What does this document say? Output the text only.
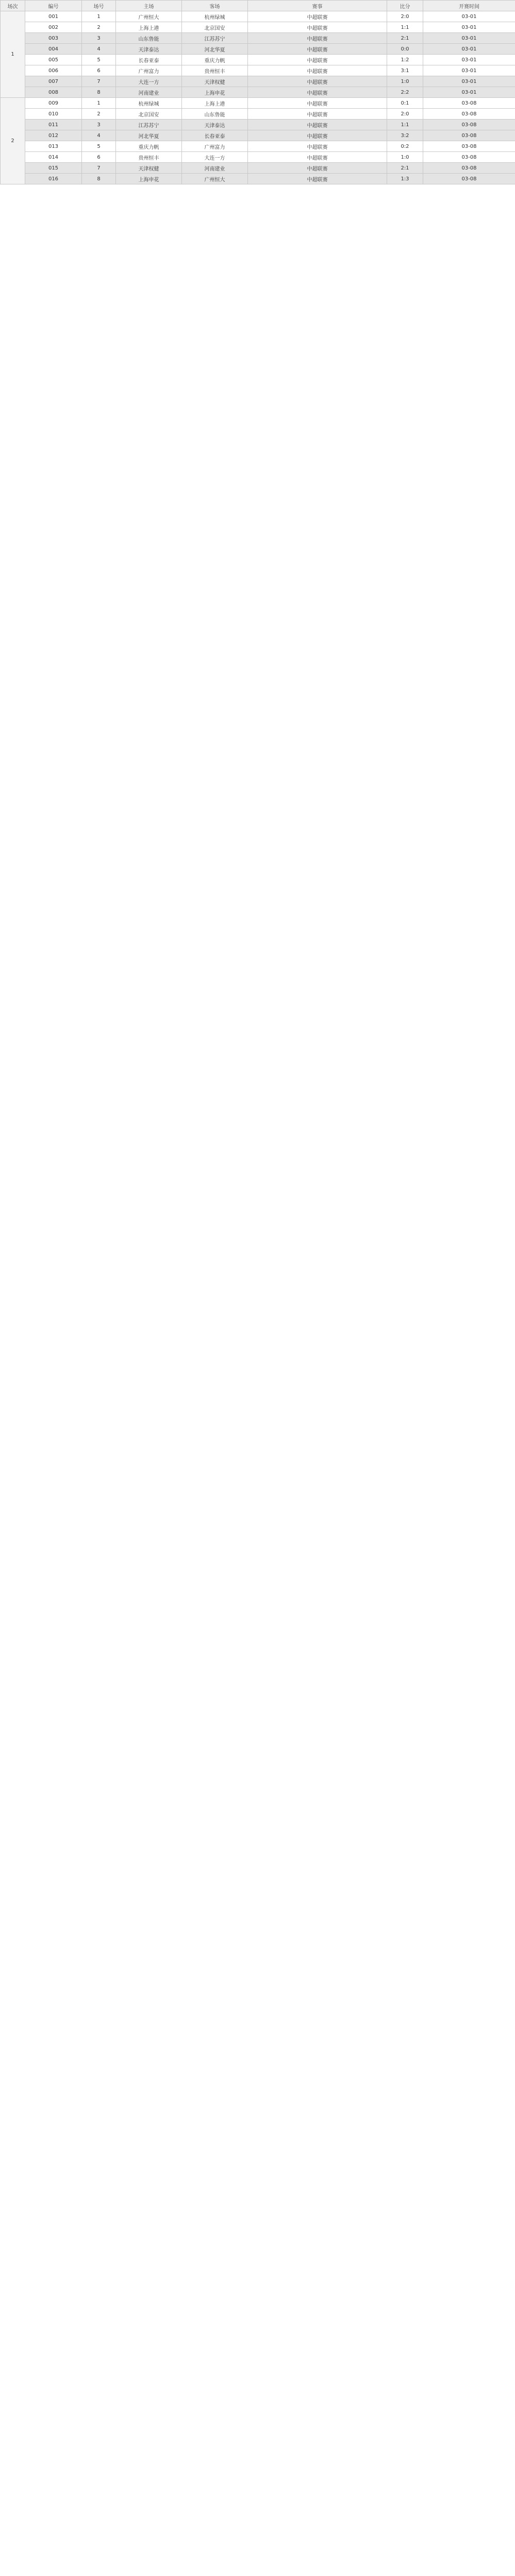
场次	编号	场号	主场	客场	赛事	比分	开赛时间
1	001	1	广州恒大	杭州绿城	中超联赛	2:0	03-01
	002	2	上海上港	北京国安	中超联赛	1:1	03-01
	003	3	山东鲁能	江苏苏宁	中超联赛	2:1	03-01
	004	4	天津泰达	河北华夏	中超联赛	0:0	03-01
	005	5	长春亚泰	重庆力帆	中超联赛	1:2	03-01
	006	6	广州富力	贵州恒丰	中超联赛	3:1	03-01
	007	7	大连一方	天津权健	中超联赛	1:0	03-01
	008	8	河南建业	上海申花	中超联赛	2:2	03-01
2	009	1	杭州绿城	上海上港	中超联赛	0:1	03-08
	010	2	北京国安	山东鲁能	中超联赛	2:0	03-08
	011	3	江苏苏宁	天津泰达	中超联赛	1:1	03-08
	012	4	河北华夏	长春亚泰	中超联赛	3:2	03-08
	013	5	重庆力帆	广州富力	中超联赛	0:2	03-08
	014	6	贵州恒丰	大连一方	中超联赛	1:0	03-08
	015	7	天津权健	河南建业	中超联赛	2:1	03-08
	016	8	上海申花	广州恒大	中超联赛	1:3	03-08
